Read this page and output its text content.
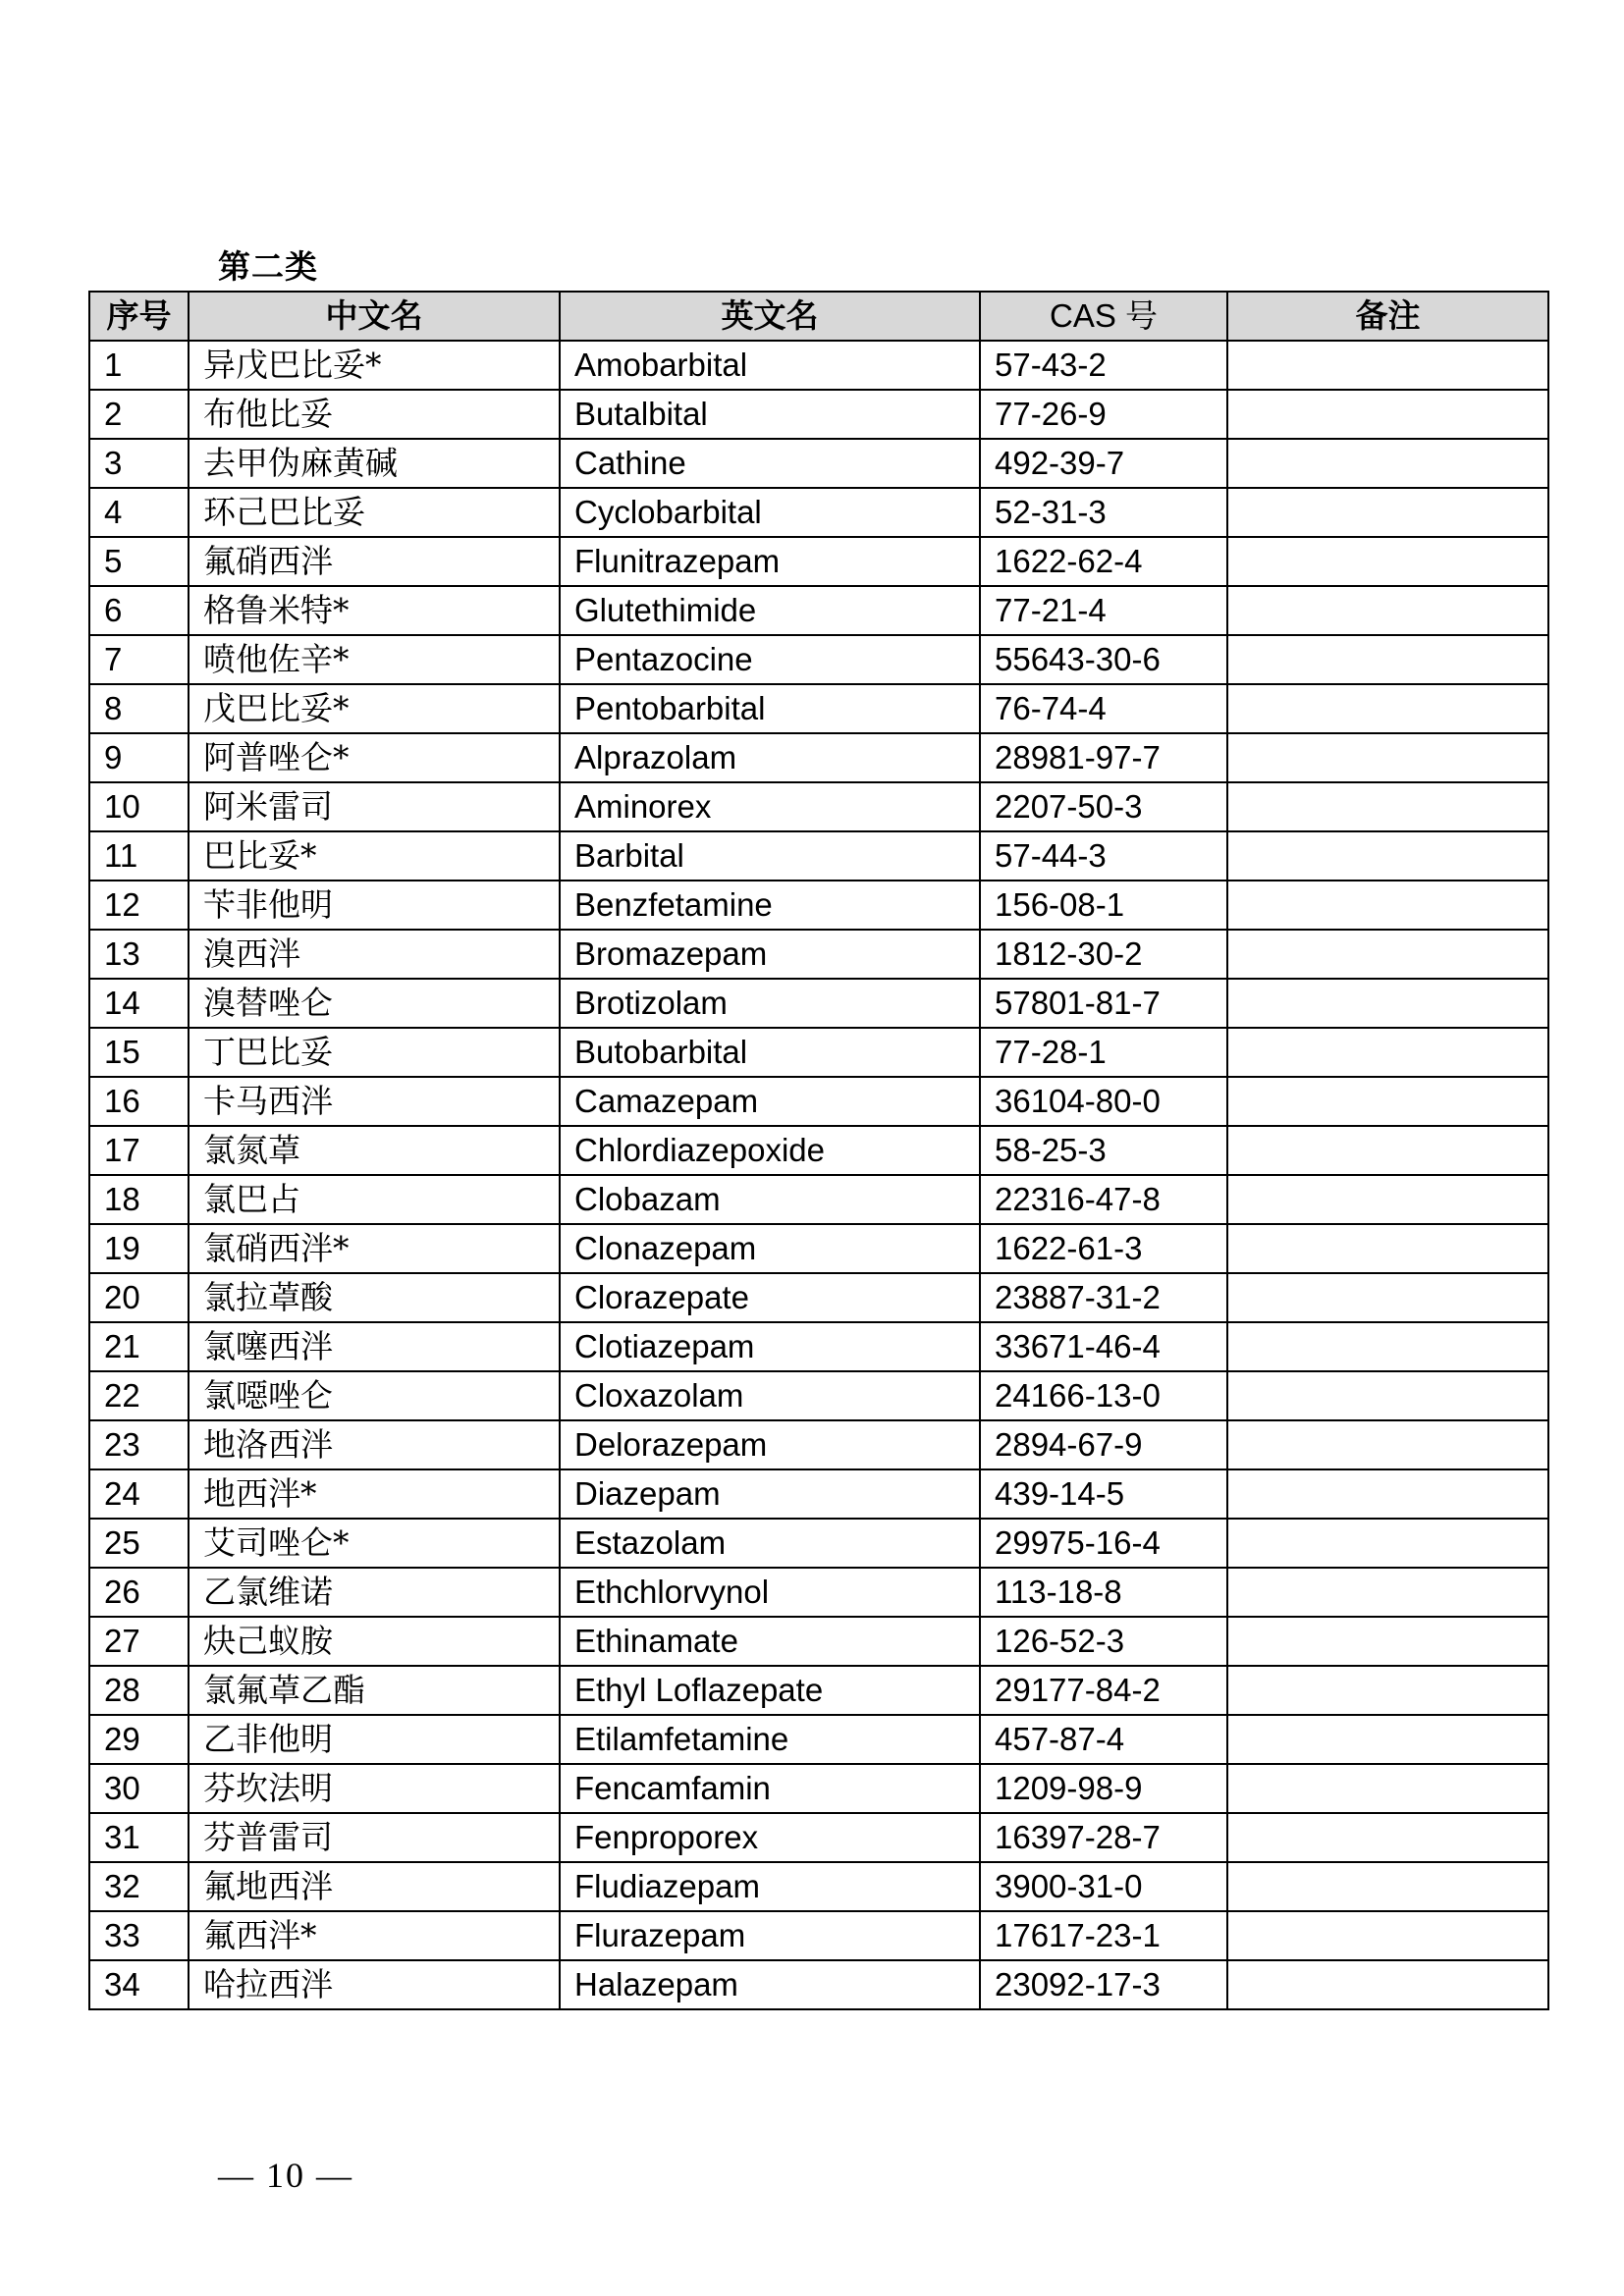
第二类
序号	中文名	英文名	CAS 号	备注
1	异戊巴比妥*	Amobarbital	57-43-2	
2	布他比妥	Butalbital	77-26-9	
3	去甲伪麻黄碱	Cathine	492-39-7	
4	环己巴比妥	Cyclobarbital	52-31-3	
5	氟硝西泮	Flunitrazepam	1622-62-4	
6	格鲁米特*	Glutethimide	77-21-4	
7	喷他佐辛*	Pentazocine	55643-30-6	
8	戊巴比妥*	Pentobarbital	76-74-4	
9	阿普唑仑*	Alprazolam	28981-97-7	
10	阿米雷司	Aminorex	2207-50-3	
11	巴比妥*	Barbital	57-44-3	
12	苄非他明	Benzfetamine	156-08-1	
13	溴西泮	Bromazepam	1812-30-2	
14	溴替唑仑	Brotizolam	57801-81-7	
15	丁巴比妥	Butobarbital	77-28-1	
16	卡马西泮	Camazepam	36104-80-0	
17	氯氮䓬	Chlordiazepoxide	58-25-3	
18	氯巴占	Clobazam	22316-47-8	
19	氯硝西泮*	Clonazepam	1622-61-3	
20	氯拉䓬酸	Clorazepate	23887-31-2	
21	氯噻西泮	Clotiazepam	33671-46-4	
22	氯噁唑仑	Cloxazolam	24166-13-0	
23	地洛西泮	Delorazepam	2894-67-9	
24	地西泮*	Diazepam	439-14-5	
25	艾司唑仑*	Estazolam	29975-16-4	
26	乙氯维诺	Ethchlorvynol	113-18-8	
27	炔己蚁胺	Ethinamate	126-52-3	
28	氯氟䓬乙酯	Ethyl Loflazepate	29177-84-2	
29	乙非他明	Etilamfetamine	457-87-4	
30	芬坎法明	Fencamfamin	1209-98-9	
31	芬普雷司	Fenproporex	16397-28-7	
32	氟地西泮	Fludiazepam	3900-31-0	
33	氟西泮*	Flurazepam	17617-23-1	
34	哈拉西泮	Halazepam	23092-17-3	
— 10 —
